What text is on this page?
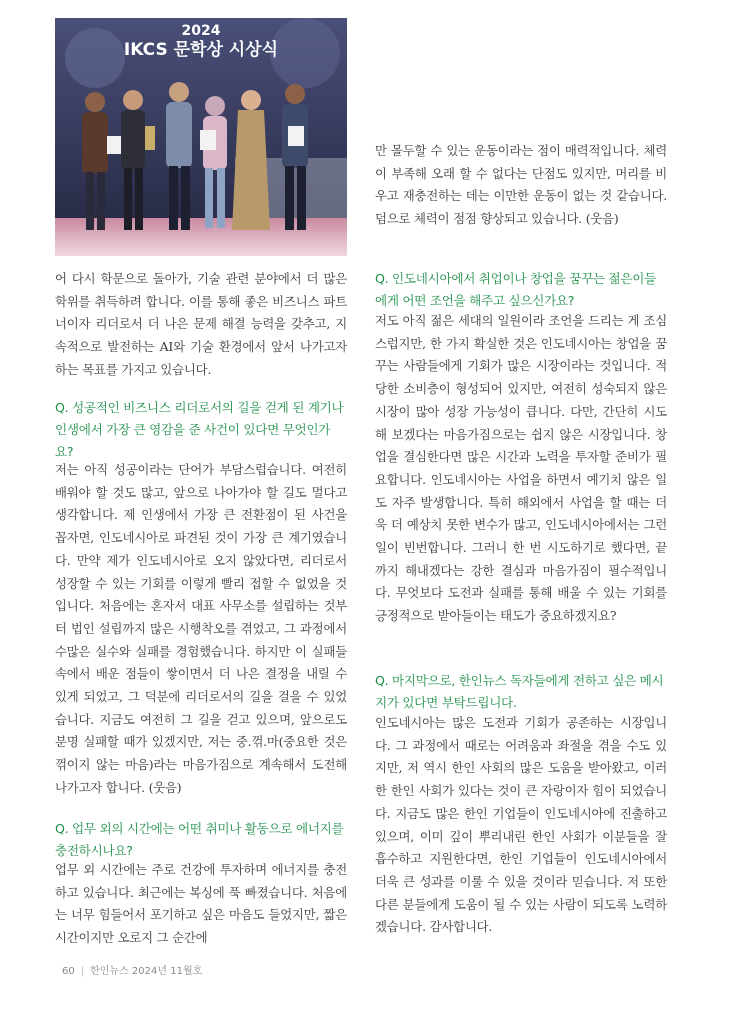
2024
IKCS 문학상 시상식

어 다시 학문으로 돌아가, 기술 관련 분야에서 더 많은 학위를 취득하려 합니다. 이를 통해 좋은 비즈니스 파트너이자 리더로서 더 나은 문제 해결 능력을 갖추고, 지속적으로 발전하는 AI와 기술 환경에서 앞서 나가고자 하는 목표를 가지고 있습니다.

Q. 성공적인 비즈니스 리더로서의 길을 걷게 된 계기나 인생에서 가장 큰 영감을 준 사건이 있다면 무엇인가요?

저는 아직 성공이라는 단어가 부담스럽습니다. 여전히 배워야 할 것도 많고, 앞으로 나아가야 할 길도 멀다고 생각합니다. 제 인생에서 가장 큰 전환점이 된 사건을 꼽자면, 인도네시아로 파견된 것이 가장 큰 계기였습니다. 만약 제가 인도네시아로 오지 않았다면, 리더로서 성장할 수 있는 기회를 이렇게 빨리 접할 수 없었을 것입니다. 처음에는 혼자서 대표 사무소를 설립하는 것부터 법인 설립까지 많은 시행착오를 겪었고, 그 과정에서 수많은 실수와 실패를 경험했습니다. 하지만 이 실패들 속에서 배운 점들이 쌓이면서 더 나은 결정을 내릴 수 있게 되었고, 그 덕분에 리더로서의 길을 걸을 수 있었습니다. 지금도 여전히 그 길을 걷고 있으며, 앞으로도 분명 실패할 때가 있겠지만, 저는 중.꺾.마(중요한 것은 꺾이지 않는 마음)라는 마음가짐으로 계속해서 도전해 나가고자 합니다. (웃음)

Q. 업무 외의 시간에는 어떤 취미나 활동으로 에너지를 충전하시나요?

업무 외 시간에는 주로 건강에 투자하며 에너지를 충전하고 있습니다. 최근에는 복싱에 푹 빠졌습니다. 처음에는 너무 힘들어서 포기하고 싶은 마음도 들었지만, 짧은 시간이지만 오로지 그 순간에

만 몰두할 수 있는 운동이라는 점이 매력적입니다. 체력이 부족해 오래 할 수 없다는 단점도 있지만, 머리를 비우고 재충전하는 데는 이만한 운동이 없는 것 같습니다. 덤으로 체력이 점점 향상되고 있습니다. (웃음)

Q. 인도네시아에서 취업이나 창업을 꿈꾸는 젊은이들에게 어떤 조언을 해주고 싶으신가요?

저도 아직 젊은 세대의 일원이라 조언을 드리는 게 조심스럽지만, 한 가지 확실한 것은 인도네시아는 창업을 꿈꾸는 사람들에게 기회가 많은 시장이라는 것입니다. 적당한 소비층이 형성되어 있지만, 여전히 성숙되지 않은 시장이 많아 성장 가능성이 큽니다. 다만, 간단히 시도해 보겠다는 마음가짐으로는 쉽지 않은 시장입니다. 창업을 결심한다면 많은 시간과 노력을 투자할 준비가 필요합니다. 인도네시아는 사업을 하면서 예기치 않은 일도 자주 발생합니다. 특히 해외에서 사업을 할 때는 더욱 더 예상치 못한 변수가 많고, 인도네시아에서는 그런 일이 빈번합니다. 그러니 한 번 시도하기로 했다면, 끝까지 해내겠다는 강한 결심과 마음가짐이 필수적입니다. 무엇보다 도전과 실패를 통해 배울 수 있는 기회를 긍정적으로 받아들이는 태도가 중요하겠지요?

Q. 마지막으로, 한인뉴스 독자들에게 전하고 싶은 메시지가 있다면 부탁드립니다.

인도네시아는 많은 도전과 기회가 공존하는 시장입니다. 그 과정에서 때로는 어려움과 좌절을 겪을 수도 있지만, 저 역시 한인 사회의 많은 도움을 받아왔고, 이러한 한인 사회가 있다는 것이 큰 자랑이자 힘이 되었습니다. 지금도 많은 한인 기업들이 인도네시아에 진출하고 있으며, 이미 깊이 뿌리내린 한인 사회가 이분들을 잘 흡수하고 지원한다면, 한인 기업들이 인도네시아에서 더욱 큰 성과를 이룰 수 있을 것이라 믿습니다. 저 또한 다른 분들에게 도움이 될 수 있는 사람이 되도록 노력하겠습니다. 감사합니다.

60 | 한인뉴스 2024년 11월호
